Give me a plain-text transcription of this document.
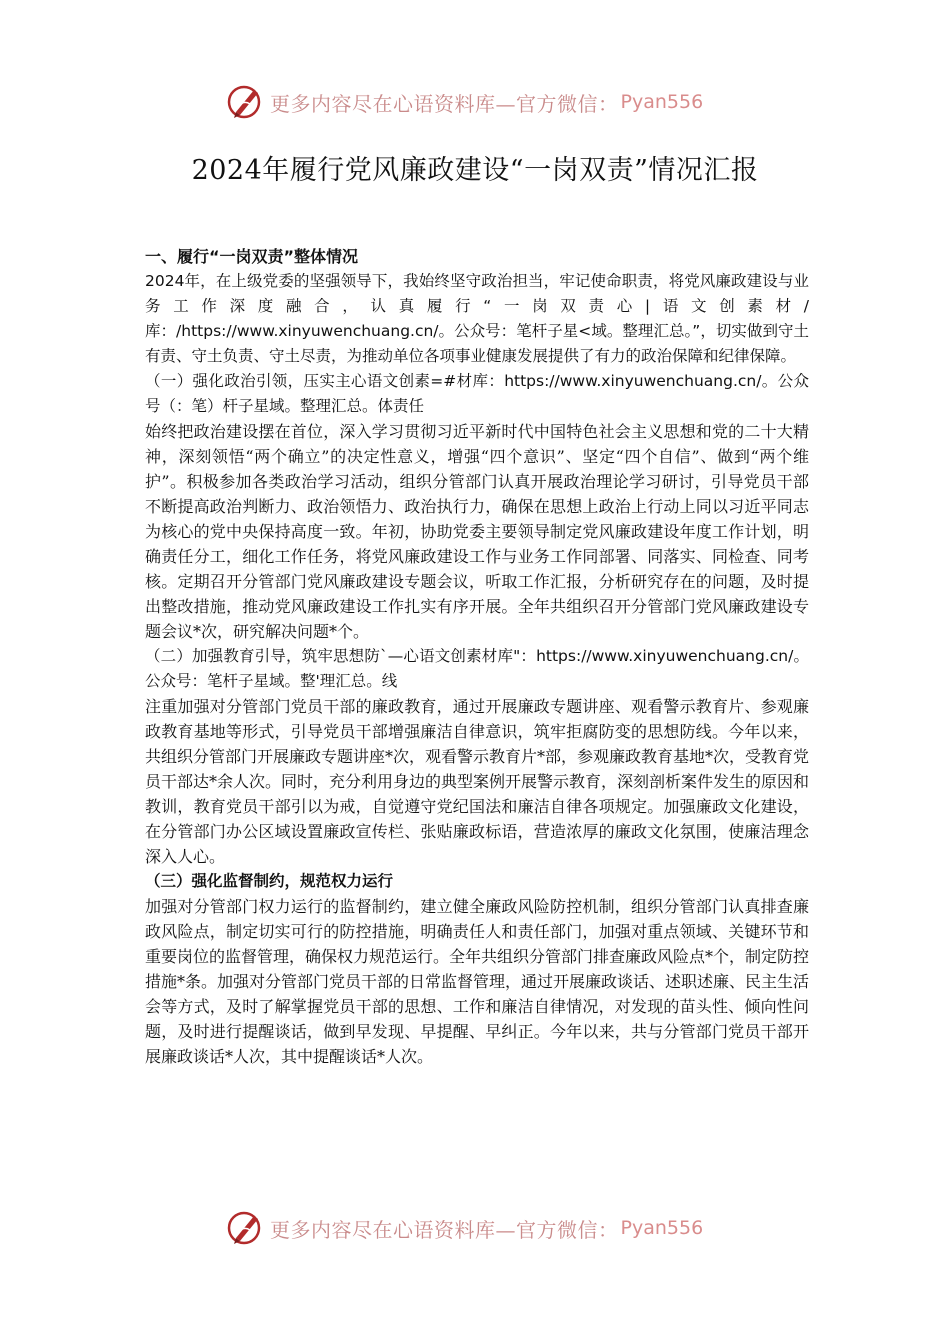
更多内容尽在心语资料库—官方微信： Pyan556
2024年履行党风廉政建设“一岗双责”情况汇报

一、履行“一岗双责”整体情况

2024年，在上级党委的坚强领导下，我始终坚守政治担当，牢记使命职责，将党风廉政建设与业务工作深度融合，认真履行“一岗双责心|语文创素材/库：/https://www.xinyuwenchuang.cn/。公众号：笔杆子星<域。整理汇总。”，切实做到守土有责、守土负责、守土尽责，为推动单位各项事业健康发展提供了有力的政治保障和纪律保障。

（一）强化政治引领，压实主心语文创素=#材库：https://www.xinyuwenchuang.cn/。公众号（：笔）杆子星域。整理汇总。体责任

始终把政治建设摆在首位，深入学习贯彻习近平新时代中国特色社会主义思想和党的二十大精神，深刻领悟“两个确立”的决定性意义，增强“四个意识”、坚定“四个自信”、做到“两个维护”。积极参加各类政治学习活动，组织分管部门认真开展政治理论学习研讨，引导党员干部不断提高政治判断力、政治领悟力、政治执行力，确保在思想上政治上行动上同以习近平同志为核心的党中央保持高度一致。年初，协助党委主要领导制定党风廉政建设年度工作计划，明确责任分工，细化工作任务，将党风廉政建设工作与业务工作同部署、同落实、同检查、同考核。定期召开分管部门党风廉政建设专题会议，听取工作汇报，分析研究存在的问题，及时提出整改措施，推动党风廉政建设工作扎实有序开展。全年共组织召开分管部门党风廉政建设专题会议*次，研究解决问题*个。

（二）加强教育引导，筑牢思想防`—心语文创素材库"：https://www.xinyuwenchuang.cn/。公众号：笔杆子星域。整'理汇总。线

注重加强对分管部门党员干部的廉政教育，通过开展廉政专题讲座、观看警示教育片、参观廉政教育基地等形式，引导党员干部增强廉洁自律意识，筑牢拒腐防变的思想防线。今年以来，共组织分管部门开展廉政专题讲座*次，观看警示教育片*部，参观廉政教育基地*次，受教育党员干部达*余人次。同时，充分利用身边的典型案例开展警示教育，深刻剖析案件发生的原因和教训，教育党员干部引以为戒，自觉遵守党纪国法和廉洁自律各项规定。加强廉政文化建设，在分管部门办公区域设置廉政宣传栏、张贴廉政标语，营造浓厚的廉政文化氛围，使廉洁理念深入人心。

（三）强化监督制约，规范权力运行

加强对分管部门权力运行的监督制约，建立健全廉政风险防控机制，组织分管部门认真排查廉政风险点，制定切实可行的防控措施，明确责任人和责任部门，加强对重点领域、关键环节和重要岗位的监督管理，确保权力规范运行。全年共组织分管部门排查廉政风险点*个，制定防控措施*条。加强对分管部门党员干部的日常监督管理，通过开展廉政谈话、述职述廉、民主生活会等方式，及时了解掌握党员干部的思想、工作和廉洁自律情况，对发现的苗头性、倾向性问题，及时进行提醒谈话，做到早发现、早提醒、早纠正。今年以来，共与分管部门党员干部开展廉政谈话*人次，其中提醒谈话*人次。

更多内容尽在心语资料库—官方微信： Pyan556
